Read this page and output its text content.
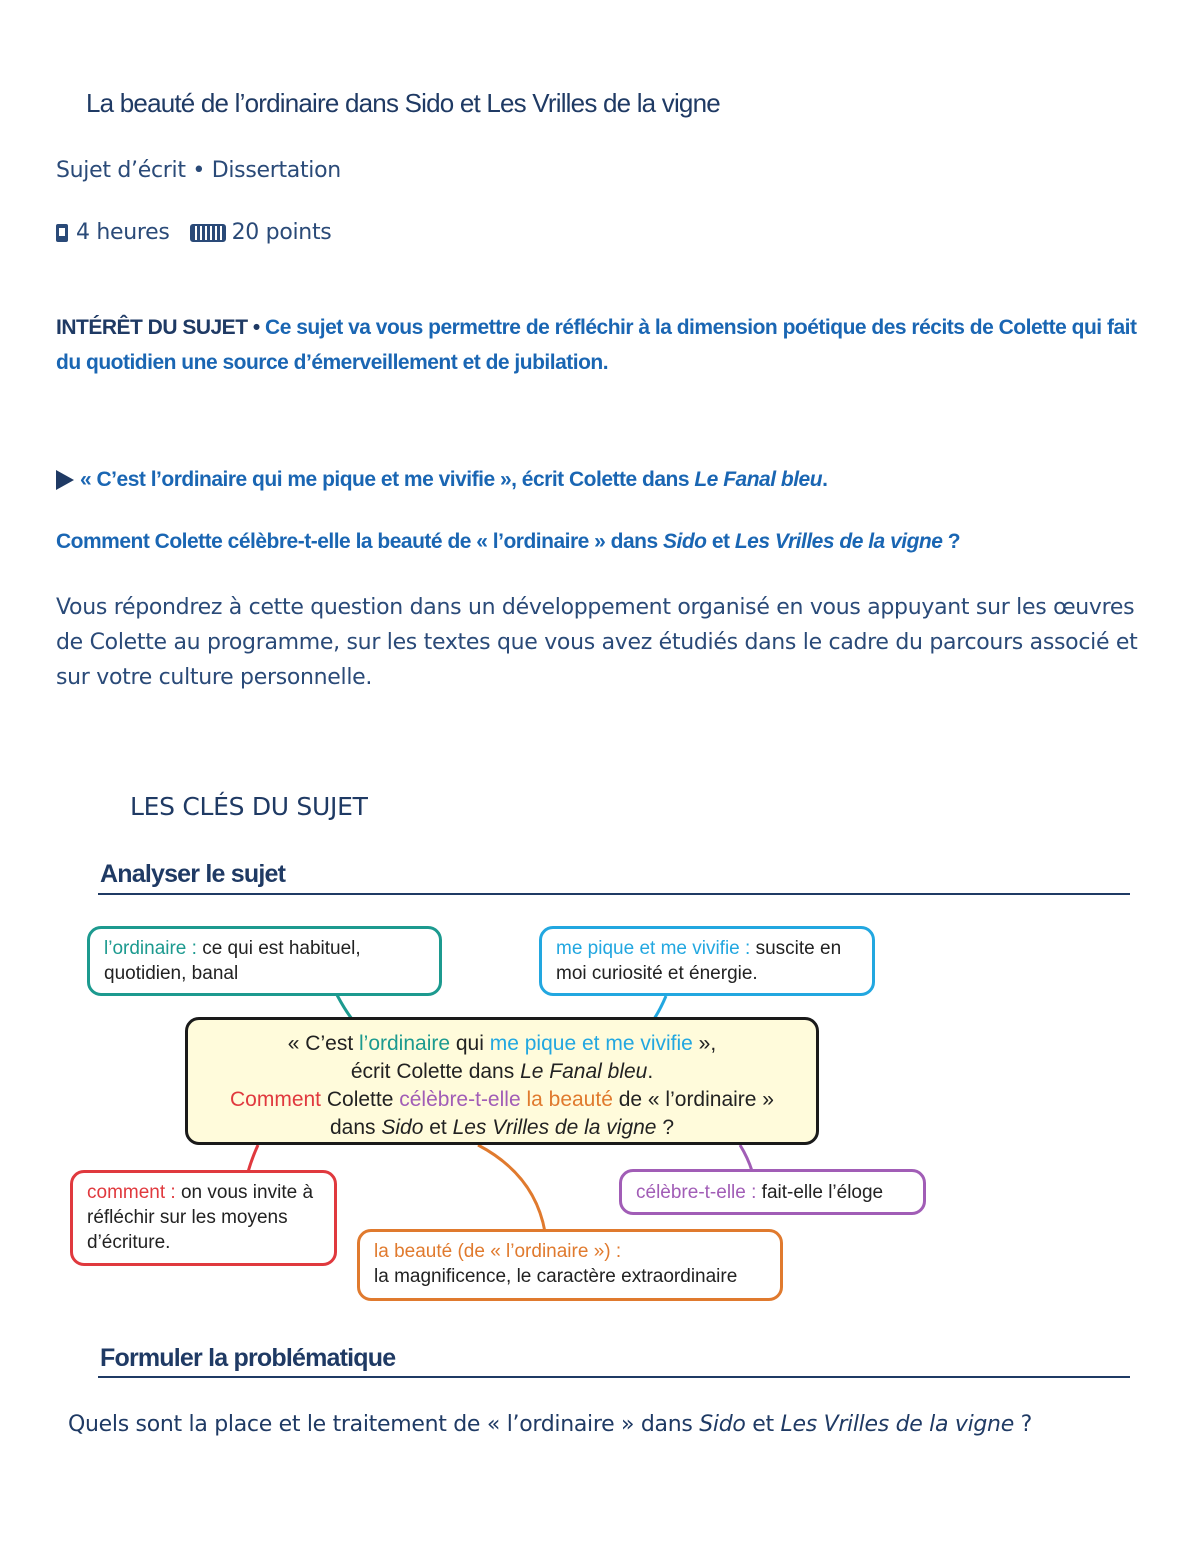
La beauté de l’ordinaire dans Sido et Les Vrilles de la vigne
Sujet d’écrit • Dissertation
4 heures	20 points
INTÉRÊT DU SUJET • Ce sujet va vous permettre de réfléchir à la dimension poétique des récits de Colette qui fait du quotidien une source d’émerveillement et de jubilation.
« C’est l’ordinaire qui me pique et me vivifie », écrit Colette dans Le Fanal bleu .
Comment Colette célèbre-t-elle la beauté de « l’ordinaire » dans Sido et Les Vrilles de la vigne ?
Vous répondrez à cette question dans un développement organisé en vous appuyant sur les œuvres de Colette au programme, sur les textes que vous avez étudiés dans le cadre du parcours associé et sur votre culture personnelle.
LES CLÉS DU SUJET
Analyser le sujet
l’ordinaire : ce qui est habituel, quotidien, banal
me pique et me vivifie : suscite en moi curiosité et énergie.
« C’est l’ordinaire qui me pique et me vivifie »,
écrit Colette dans Le Fanal bleu.
Comment Colette célèbre-t-elle la beauté de « l’ordinaire »
dans Sido et Les Vrilles de la vigne ?
comment : on vous invite à réfléchir sur les moyens d’écriture.
célèbre-t-elle : fait-elle l’éloge
la beauté (de « l’ordinaire ») :
la magnificence, le caractère extraordinaire
Formuler la problématique
Quels sont la place et le traitement de « l’ordinaire » dans Sido et Les Vrilles de la vigne ?
